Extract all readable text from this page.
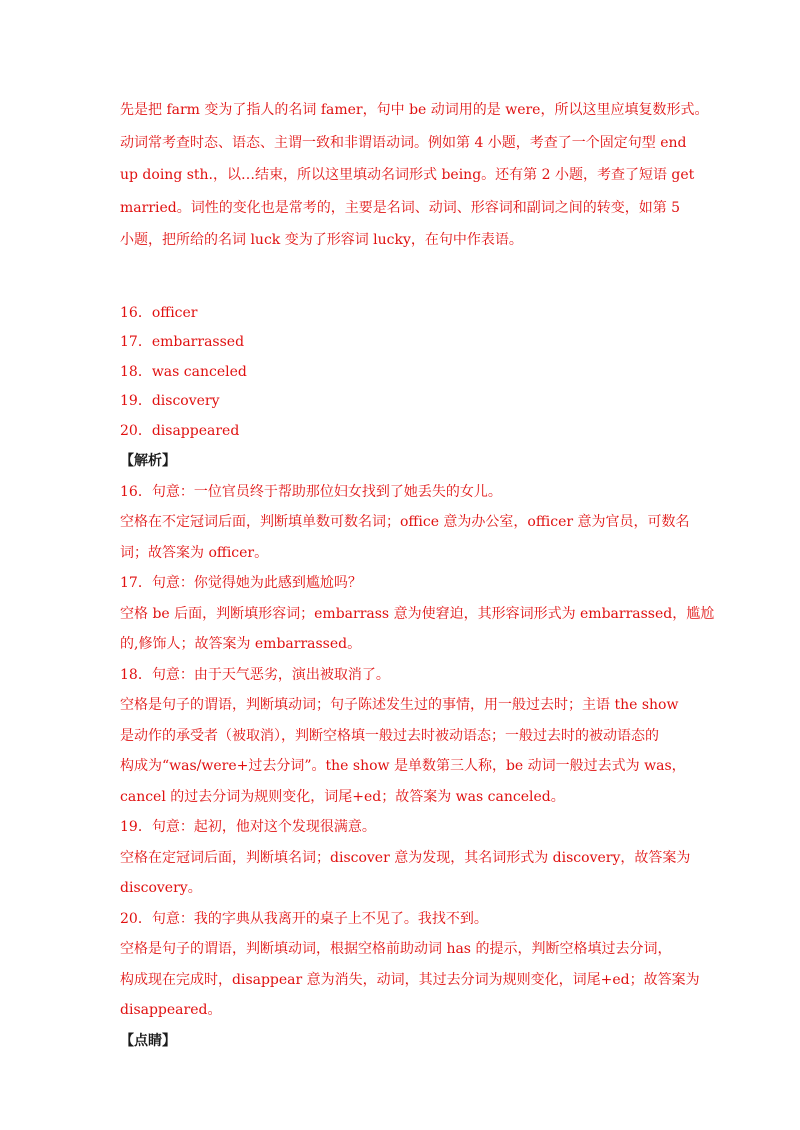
先是把 farm 变为了指人的名词 famer，句中 be 动词用的是 were，所以这里应填复数形式。

动词常考查时态、语态、主谓一致和非谓语动词。例如第 4 小题，考查了一个固定句型 end

up doing sth.，以…结束，所以这里填动名词形式 being。还有第 2 小题，考查了短语 get

married。词性的变化也是常考的，主要是名词、动词、形容词和副词之间的转变，如第 5

小题，把所给的名词 luck 变为了形容词 lucky，在句中作表语。

16．officer

17．embarrassed

18．was canceled

19．discovery

20．disappeared

【解析】

16．句意：一位官员终于帮助那位妇女找到了她丢失的女儿。

空格在不定冠词后面，判断填单数可数名词；office 意为办公室，officer 意为官员，可数名

词；故答案为 officer。

17．句意：你觉得她为此感到尴尬吗？

空格 be 后面，判断填形容词；embarrass 意为使窘迫，其形容词形式为 embarrassed，尴尬

的,修饰人；故答案为 embarrassed。

18．句意：由于天气恶劣，演出被取消了。

空格是句子的谓语，判断填动词；句子陈述发生过的事情，用一般过去时；主语 the show

是动作的承受者（被取消），判断空格填一般过去时被动语态；一般过去时的被动语态的

构成为“was/were+过去分词”。the show 是单数第三人称，be 动词一般过去式为 was，

cancel 的过去分词为规则变化，词尾+ed；故答案为 was canceled。

19．句意：起初，他对这个发现很满意。

空格在定冠词后面，判断填名词；discover 意为发现，其名词形式为 discovery，故答案为

discovery。

20．句意：我的字典从我离开的桌子上不见了。我找不到。

空格是句子的谓语，判断填动词，根据空格前助动词 has 的提示，判断空格填过去分词，

构成现在完成时，disappear 意为消失，动词，其过去分词为规则变化，词尾+ed；故答案为

disappeared。

【点睛】
